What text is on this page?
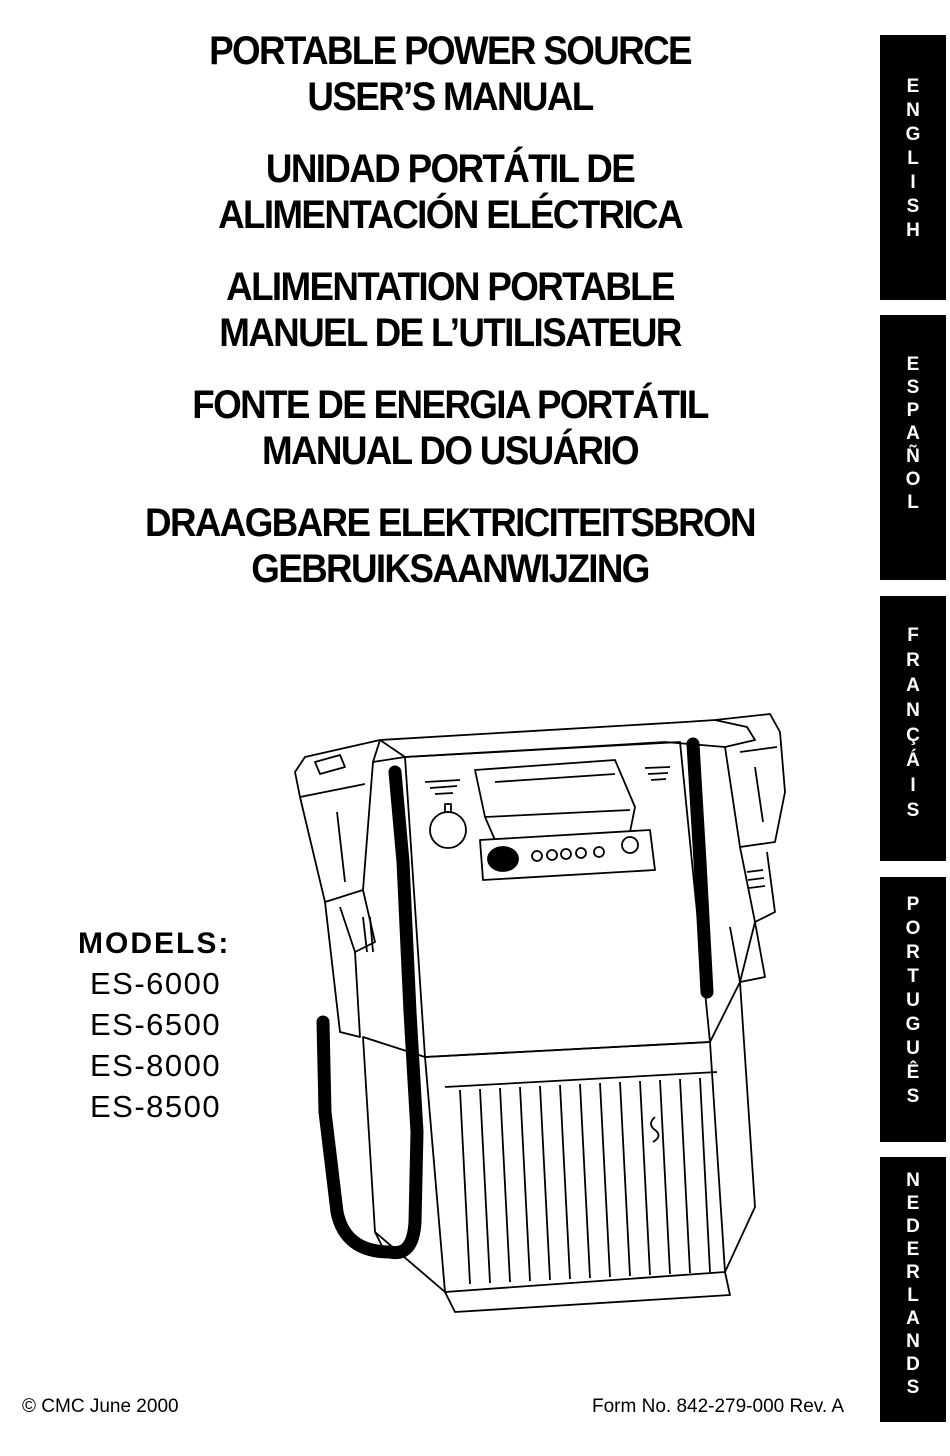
PORTABLE POWER SOURCE
USER’S MANUAL
UNIDAD PORTÁTIL DE
ALIMENTACIÓN ELÉCTRICA
ALIMENTATION PORTABLE
MANUEL DE L’UTILISATEUR
FONTE DE ENERGIA PORTÁTIL
MANUAL DO USUÁRIO
DRAAGBARE ELEKTRICITEITSBRON
GEBRUIKSAANWIJZING
E
N
G
L
I
S
H
E
S
P
A
Ñ
O
L
F
R
A
N
Ç
Á
I
S
P
O
R
T
U
G
U
Ê
S
N
E
D
E
R
L
A
N
D
S
MODELS:
ES-6000
ES-6500
ES-8000
ES-8500
© CMC June 2000	Form No. 842-279-000 Rev. A
